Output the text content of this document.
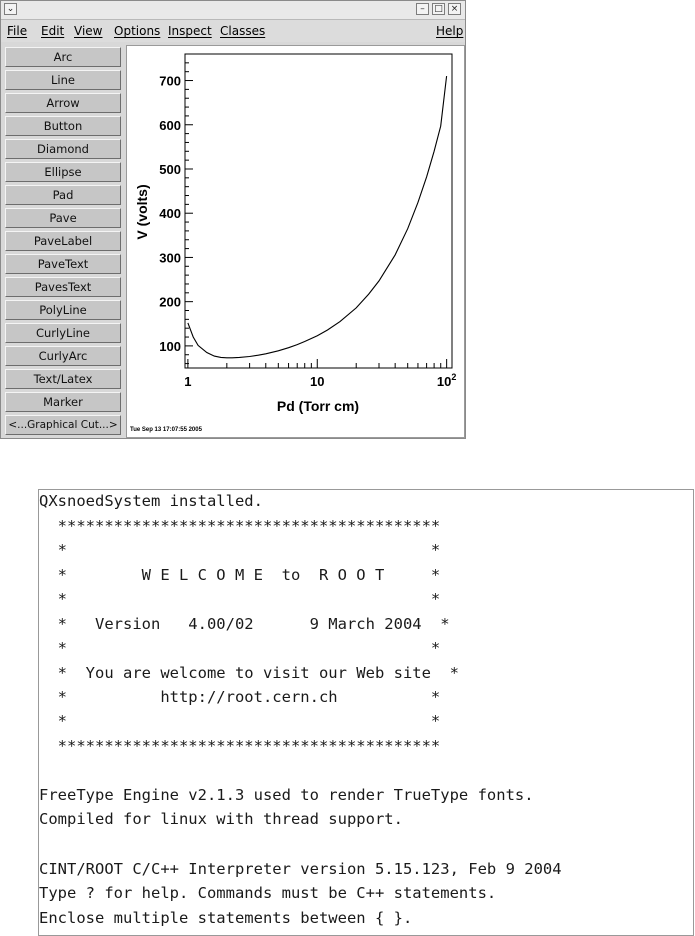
⌄	–	□ ×
File Edit View Options Inspect Classes	Help
Arc
Line
Arrow
Button
Diamond
Ellipse
Pad
Pave
PaveLabel
PaveText
PavesText
PolyLine
CurlyLine
CurlyArc
Text/Latex
Marker
<...Graphical Cut...>
100
200
300
400
500
600
700
1	10	$10^2$
Pd (Torr cm)
V (volts)
Tue Sep 13 17:07:55 2005
QXsnoedSystem installed.
*****************************************
*                                       *
*        W E L C O M E  to  R O O T     *
*                                       *
*   Version   4.00/02      9 March 2004  *
*                                       *
*  You are welcome to visit our Web site  *
*          http://root.cern.ch          *
*                                       *
*****************************************
FreeType Engine v2.1.3 used to render TrueType fonts.
Compiled for linux with thread support.
CINT/ROOT C/C++ Interpreter version 5.15.123, Feb 9 2004
Type ? for help. Commands must be C++ statements.
Enclose multiple statements between { }.
